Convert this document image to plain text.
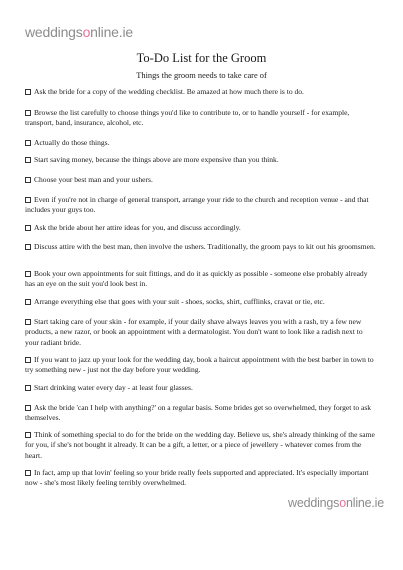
weddingsonline.ie
To-Do List for the Groom
Things the groom needs to take care of

Ask the bride for a copy of the wedding checklist. Be amazed at how much there is to do.

Browse the list carefully to choose things you'd like to contribute to, or to handle yourself - for example, transport, band, insurance, alcohol, etc.

Actually do those things.

Start saving money, because the things above are more expensive than you think.

Choose your best man and your ushers.

Even if you're not in charge of general transport, arrange your ride to the church and reception venue - and that includes your guys too.

Ask the bride about her attire ideas for you, and discuss accordingly.

Discuss attire with the best man, then involve the ushers. Traditionally, the groom pays to kit out his groomsmen.

Book your own appointments for suit fittings, and do it as quickly as possible - someone else probably already has an eye on the suit you'd look best in.

Arrange everything else that goes with your suit - shoes, socks, shirt, cufflinks, cravat or tie, etc.

Start taking care of your skin - for example, if your daily shave always leaves you with a rash, try a few new products, a new razor, or book an appointment with a dermatologist. You don't want to look like a radish next to your radiant bride.

If you want to jazz up your look for the wedding day, book a haircut appointment with the best barber in town to try something new - just not the day before your wedding.

Start drinking water every day - at least four glasses.

Ask the bride 'can I help with anything?' on a regular basis. Some brides get so overwhelmed, they forget to ask themselves.

Think of something special to do for the bride on the wedding day. Believe us, she's already thinking of the same for you, if she's not bought it already. It can be a gift, a letter, or a piece of jewellery - whatever comes from the heart.

In fact, amp up that lovin' feeling so your bride really feels supported and appreciated. It's especially important now - she's most likely feeling terribly overwhelmed.

weddingsonline.ie
